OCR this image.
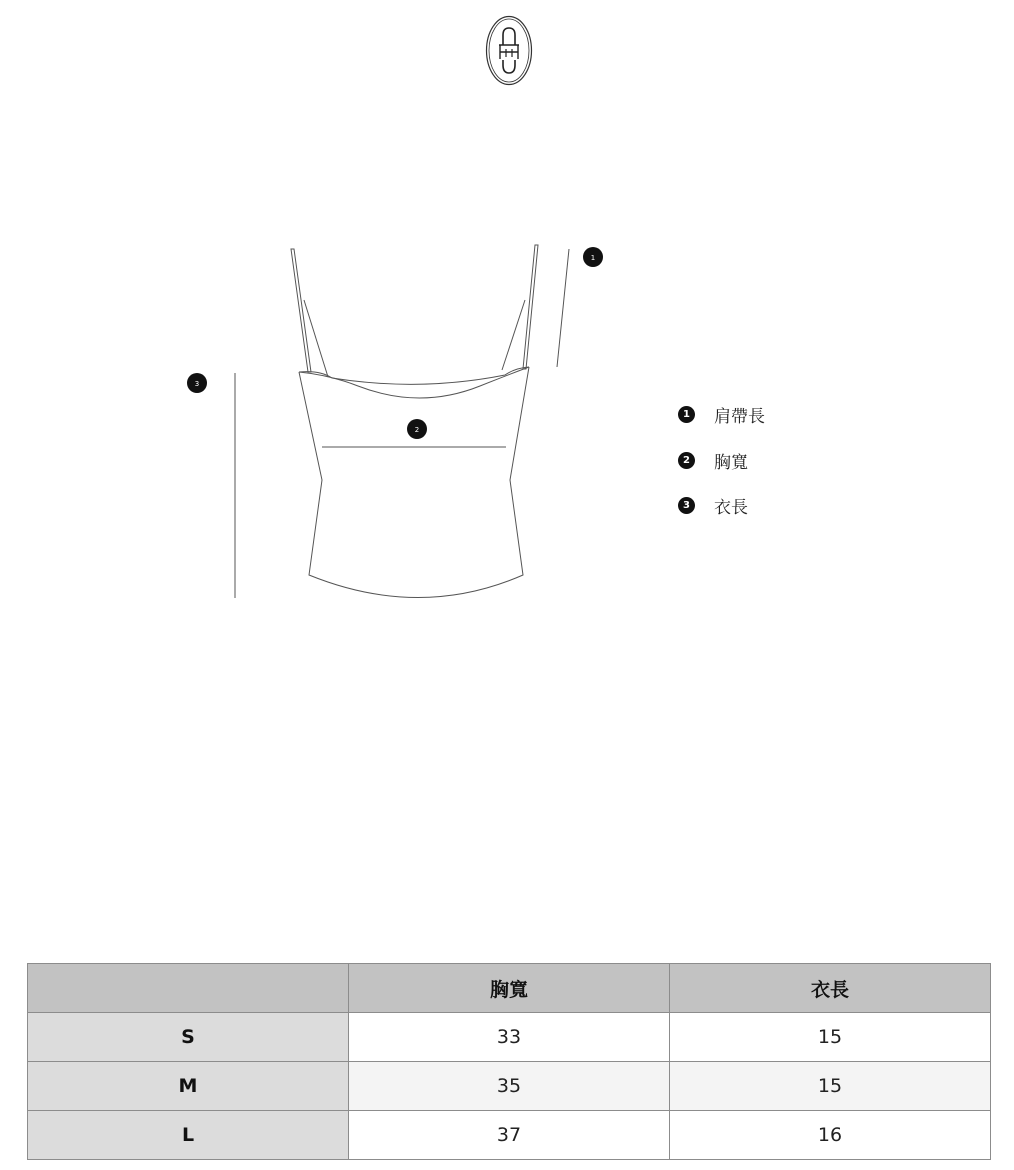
1
2
3
1 肩帶長
2 胸寬
3 衣長
	胸寬	衣長
S	33	15
M	35	15
L	37	16
